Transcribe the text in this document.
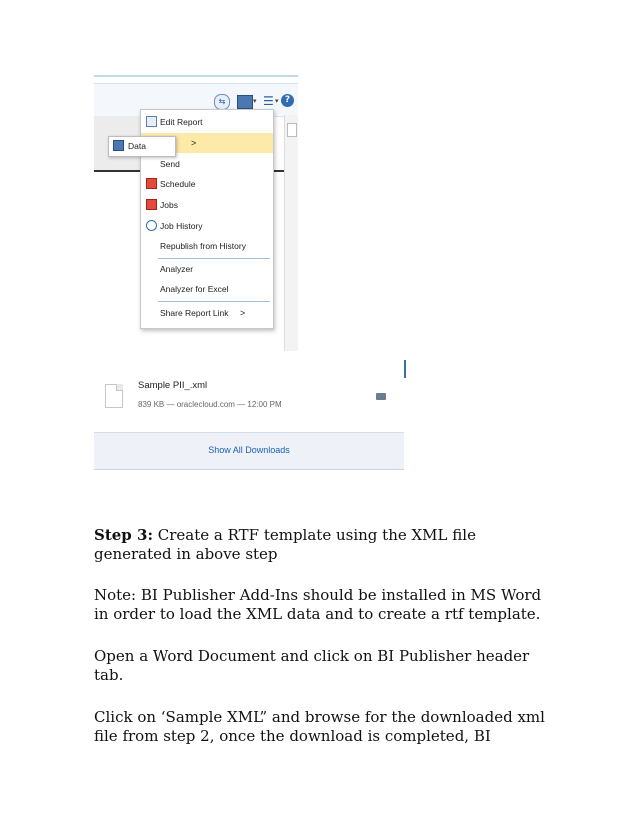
⇆	▾ ☰ ▾ ?
Edit Report
>
Send
Schedule
Jobs
Job History
Republish from History
Analyzer
Analyzer for Excel
Share Report Link >
Data
Sample PII_.xml
839 KB — oraclecloud.com — 12:00 PM
Show All Downloads
Step 3: Create a RTF template using the XML file generated in above step
Note: BI Publisher Add-Ins should be installed in MS Word in order to load the XML data and to create a rtf template.
Open a Word Document and click on BI Publisher header tab.
Click on ‘Sample XML” and browse for the downloaded xml file from step 2, once the download is completed, BI
